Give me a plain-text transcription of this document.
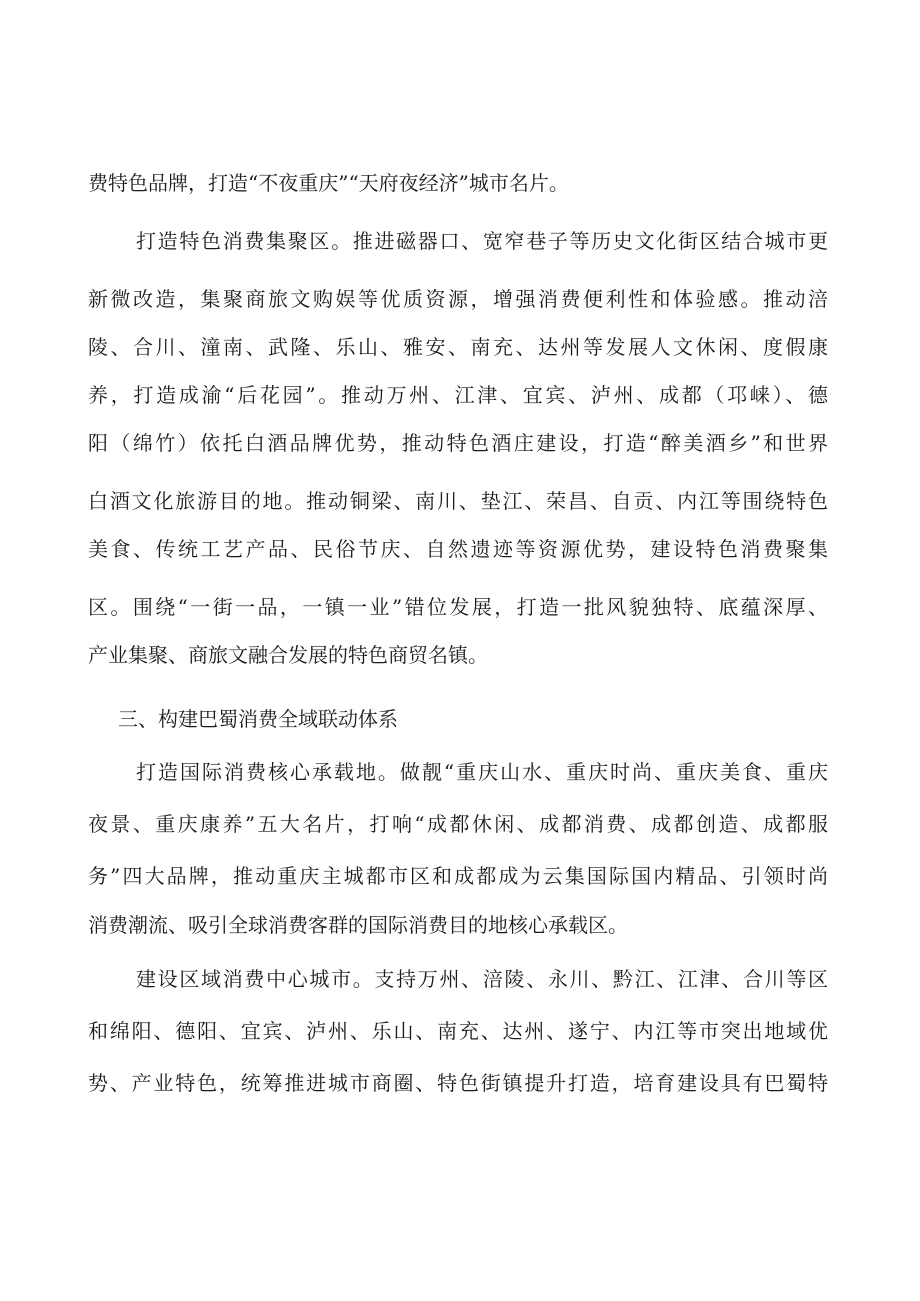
费特色品牌，打造“不夜重庆”“天府夜经济”城市名片。
打造特色消费集聚区。推进磁器口、宽窄巷子等历史文化街区结合城市更
新微改造，集聚商旅文购娱等优质资源，增强消费便利性和体验感。推动涪
陵、合川、潼南、武隆、乐山、雅安、南充、达州等发展人文休闲、度假康
养，打造成渝“后花园”。推动万州、江津、宜宾、泸州、成都（邛崃）、德
阳（绵竹）依托白酒品牌优势，推动特色酒庄建设，打造“醉美酒乡”和世界
白酒文化旅游目的地。推动铜梁、南川、垫江、荣昌、自贡、内江等围绕特色
美食、传统工艺产品、民俗节庆、自然遗迹等资源优势，建设特色消费聚集
区。围绕“一街一品，一镇一业”错位发展，打造一批风貌独特、底蕴深厚、
产业集聚、商旅文融合发展的特色商贸名镇。
三、构建巴蜀消费全域联动体系
打造国际消费核心承载地。做靓“重庆山水、重庆时尚、重庆美食、重庆
夜景、重庆康养”五大名片，打响“成都休闲、成都消费、成都创造、成都服
务”四大品牌，推动重庆主城都市区和成都成为云集国际国内精品、引领时尚
消费潮流、吸引全球消费客群的国际消费目的地核心承载区。
建设区域消费中心城市。支持万州、涪陵、永川、黔江、江津、合川等区
和绵阳、德阳、宜宾、泸州、乐山、南充、达州、遂宁、内江等市突出地域优
势、产业特色，统筹推进城市商圈、特色街镇提升打造，培育建设具有巴蜀特
